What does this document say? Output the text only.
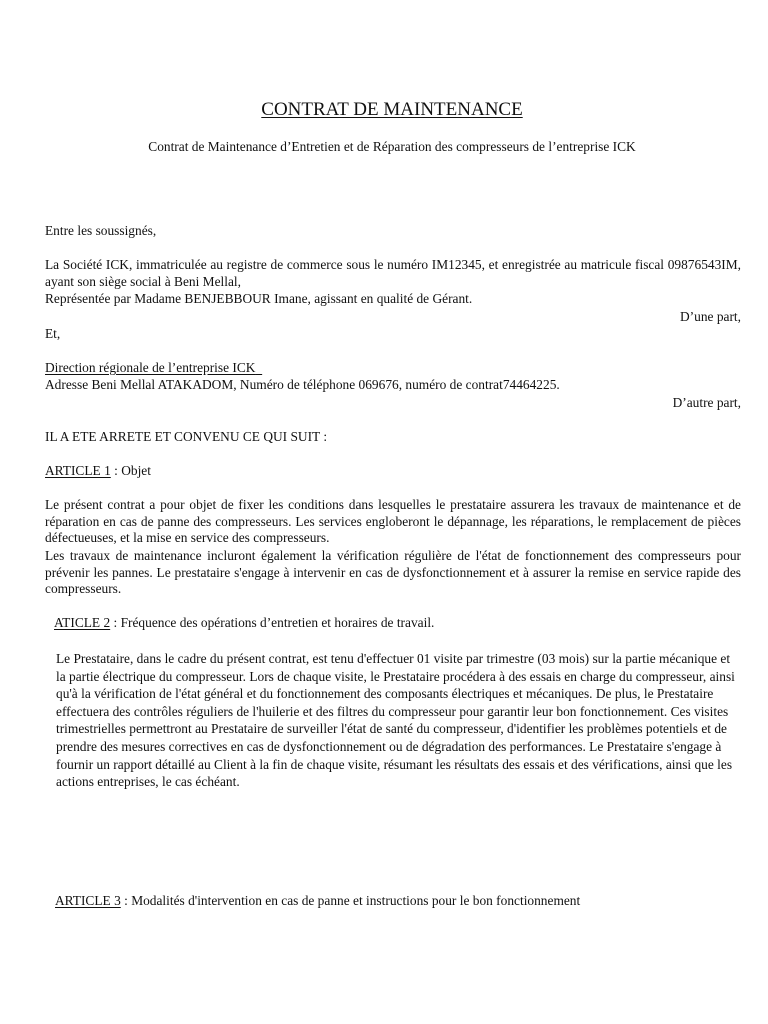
CONTRAT DE MAINTENANCE
Contrat de Maintenance d’Entretien et de Réparation des compresseurs de l’entreprise ICK

Entre les soussignés,

La Société ICK, immatriculée au registre de commerce sous le numéro IM12345, et enregistrée au matricule fiscal 09876543IM, ayant son siège social à Beni Mellal,

Représentée par Madame BENJEBBOUR Imane, agissant en qualité de Gérant.

D’une part,

Et,

Direction régionale de l’entreprise ICK

Adresse Beni Mellal ATAKADOM, Numéro de téléphone 069676, numéro de contrat74464225.

D’autre part,

IL A ETE ARRETE ET CONVENU CE QUI SUIT :

ARTICLE 1 : Objet

Le présent contrat a pour objet de fixer les conditions dans lesquelles le prestataire assurera les travaux de maintenance et de réparation en cas de panne des compresseurs. Les services engloberont le dépannage, les réparations, le remplacement de pièces défectueuses, et la mise en service des compresseurs.

Les travaux de maintenance incluront également la vérification régulière de l'état de fonctionnement des compresseurs pour prévenir les pannes. Le prestataire s'engage à intervenir en cas de dysfonctionnement et à assurer la remise en service rapide des compresseurs.

ATICLE 2 : Fréquence des opérations d’entretien et horaires de travail.

Le Prestataire, dans le cadre du présent contrat, est tenu d'effectuer 01 visite par trimestre (03 mois) sur la partie mécanique et la partie électrique du compresseur. Lors de chaque visite, le Prestataire procédera à des essais en charge du compresseur, ainsi qu'à la vérification de l'état général et du fonctionnement des composants électriques et mécaniques. De plus, le Prestataire effectuera des contrôles réguliers de l'huilerie et des filtres du compresseur pour garantir leur bon fonctionnement. Ces visites trimestrielles permettront au Prestataire de surveiller l'état de santé du compresseur, d'identifier les problèmes potentiels et de prendre des mesures correctives en cas de dysfonctionnement ou de dégradation des performances. Le Prestataire s'engage à fournir un rapport détaillé au Client à la fin de chaque visite, résumant les résultats des essais et des vérifications, ainsi que les actions entreprises, le cas échéant.

ARTICLE 3 : Modalités d'intervention en cas de panne et instructions pour le bon fonctionnement
